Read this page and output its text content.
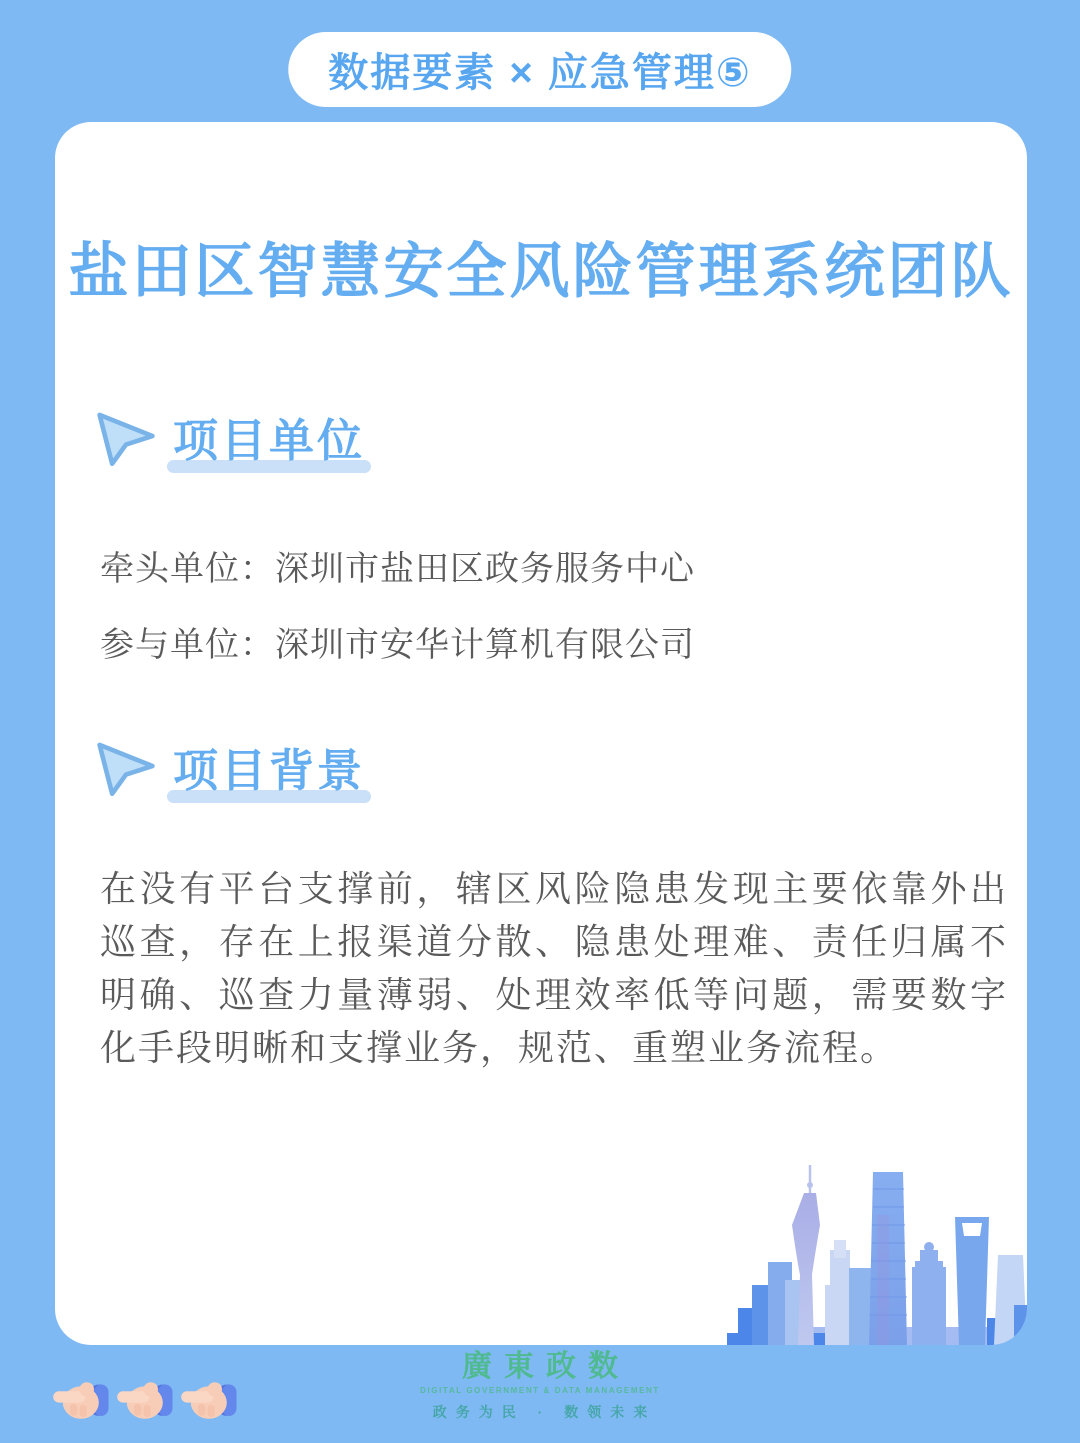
数据要素 × 应急管理⑤
盐田区智慧安全风险管理系统团队
项目单位
牵头单位：深圳市盐田区政务服务中心
参与单位：深圳市安华计算机有限公司
项目背景
在没有平台支撑前，辖区风险隐患发现主要依靠外出巡查，存在上报渠道分散、隐患处理难、责任归属不明确、巡查力量薄弱、处理效率低等问题，需要数字化手段明晰和支撑业务，规范、重塑业务流程。
廣東政数
DIGITAL GOVERNMENT & DATA MANAGEMENT
政务为民 · 数领未来
